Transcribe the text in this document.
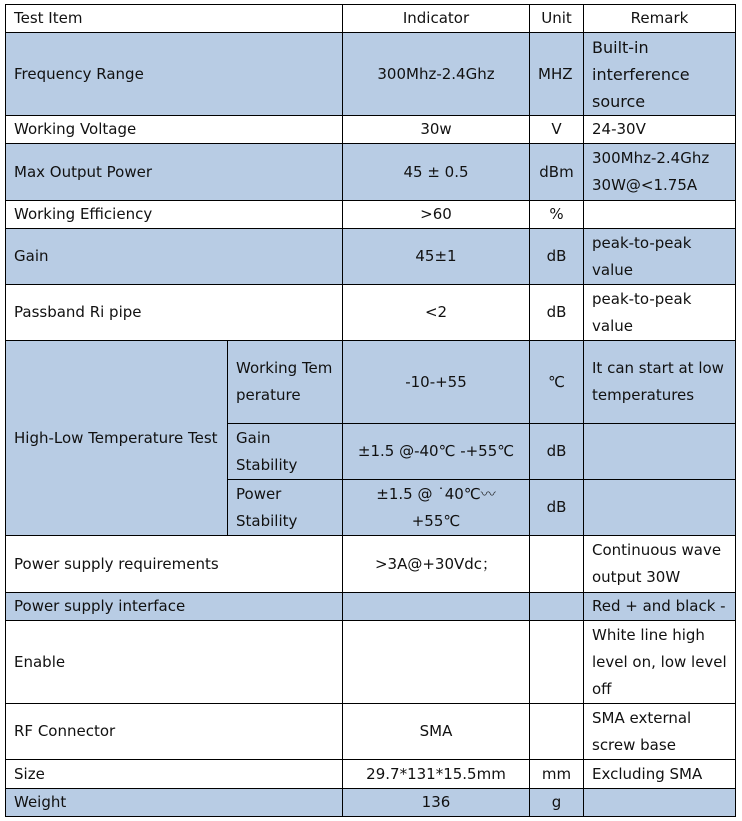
Test Item		Indicator	Unit	Remark
Frequency Range		300Mhz-2.4Ghz	MHZ	Built-in interference source
Working Voltage		30w	V	24-30V
Max Output Power		45 ± 0.5	dBm	300Mhz-2.4Ghz 30W@<1.75A
Working Efficiency		>60	%	
Gain		45±1	dB	peak-to-peak value
Passband Ri pipe		<2	dB	peak-to-peak value
High-Low Temperature Test	Working Temperature	-10-+55	℃	It can start at low temperatures
	Gain Stability	±1.5 @-40℃ -+55℃	dB	
	Power Stability	±1.5 @ ˙40℃〰 +55℃	dB	
Power supply requirements		>3A@+30Vdc；		Continuous wave output 30W
Power supply interface				Red + and black -
Enable				White line high level on, low level off
RF Connector		SMA		SMA external screw base
Size		29.7*131*15.5mm	mm	Excluding SMA
Weight		136	g	
